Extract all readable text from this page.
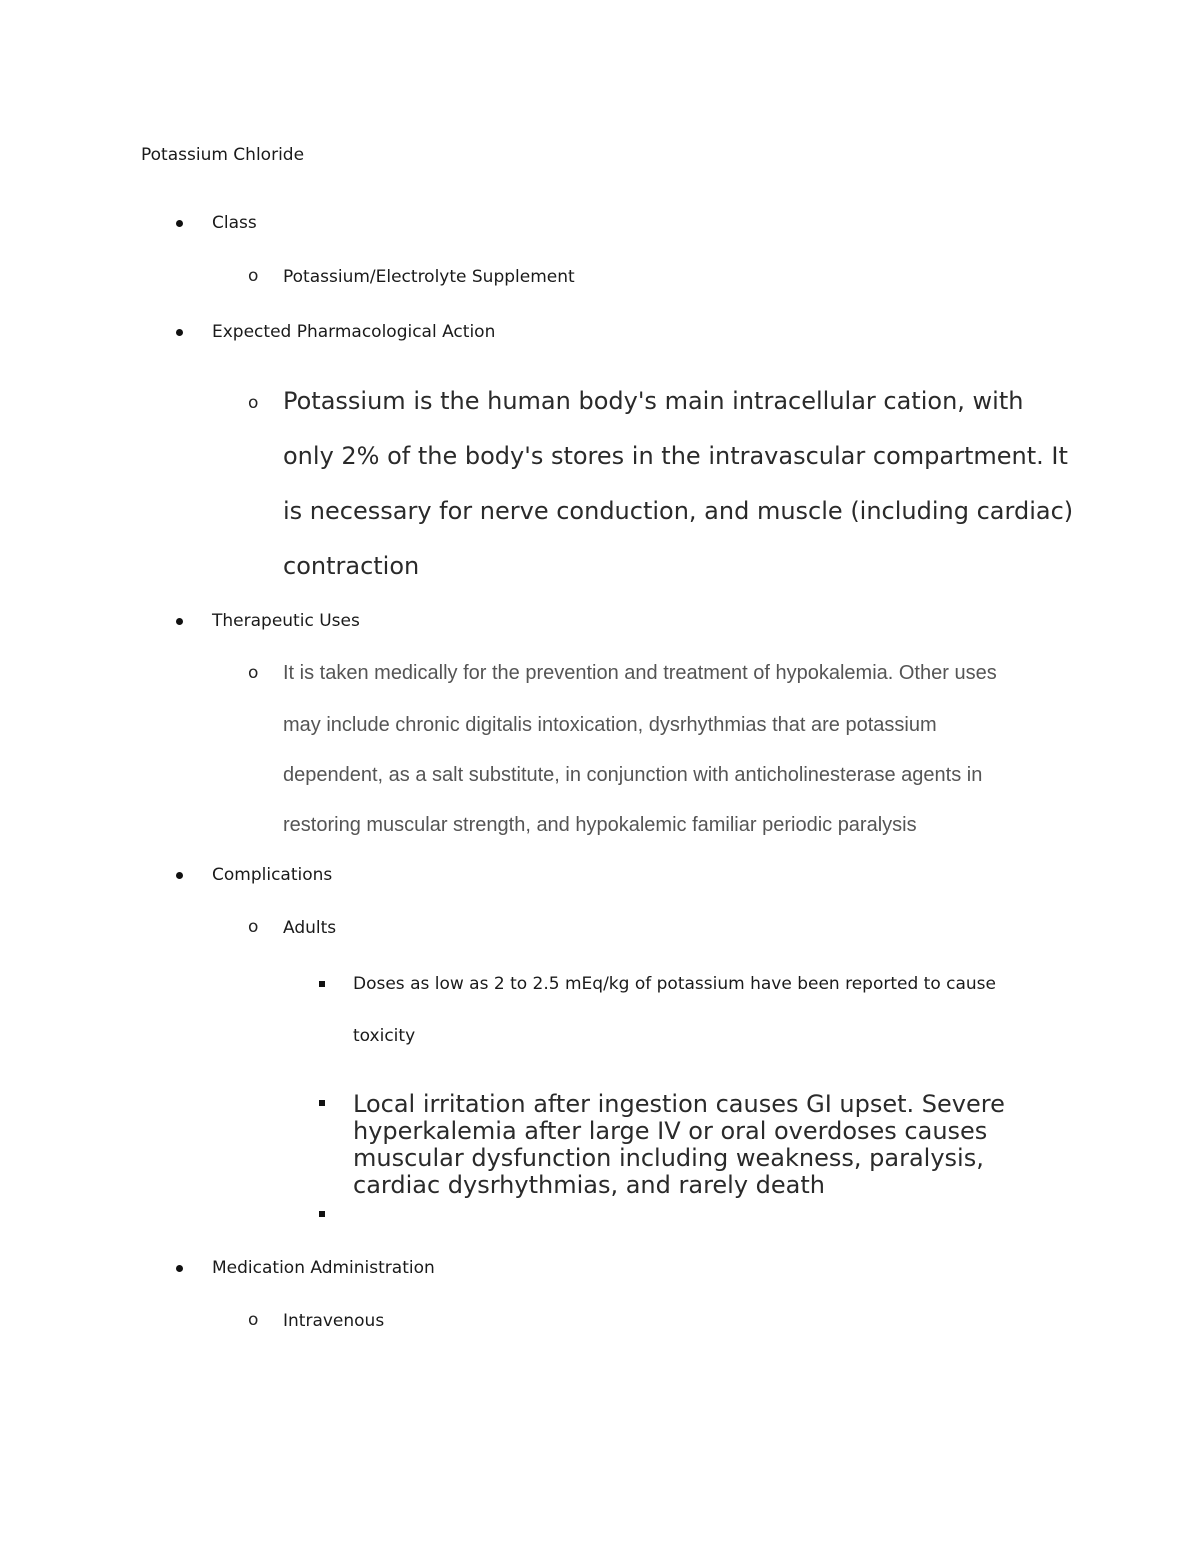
Potassium Chloride
Class
o Potassium/Electrolyte Supplement
Expected Pharmacological Action
o Potassium is the human body's main intracellular cation, with
only 2% of the body's stores in the intravascular compartment. It
is necessary for nerve conduction, and muscle (including cardiac)
contraction
Therapeutic Uses
o It is taken medically for the prevention and treatment of hypokalemia. Other uses
may include chronic digitalis intoxication, dysrhythmias that are potassium
dependent, as a salt substitute, in conjunction with anticholinesterase agents in
restoring muscular strength, and hypokalemic familiar periodic paralysis
Complications
o Adults
Doses as low as 2 to 2.5 mEq/kg of potassium have been reported to cause
toxicity
Local irritation after ingestion causes GI upset. Severe hyperkalemia after large IV or oral overdoses causes muscular dysfunction including weakness, paralysis, cardiac dysrhythmias, and rarely death
Medication Administration
o Intravenous
